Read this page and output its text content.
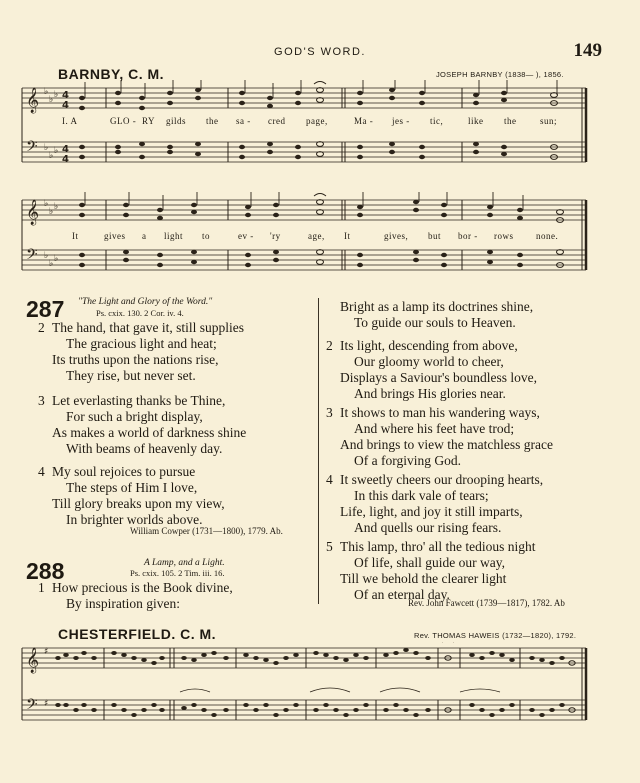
GOD'S WORD.	149
BARNBY, C. M.	JOSEPH BARNBY (1838— ), 1856.
𝄞
𝄢
♭
♭ ♭
♭
♭ ♭
4
4
4
4
I. A	GLO - RY gilds the sa - cred page,	Ma - jes - tic,	like the	sun;
𝄞
𝄢
♭
♭ ♭
♭
♭ ♭
It	gives a light to	ev - 'ry	age, It	gives, but bor - rows	none.
287 "The Light and Glory of the Word."
Ps. cxix. 130. 2 Cor. iv. 4.
2 The hand, that gave it, still supplies
The gracious light and heat;
Its truths upon the nations rise,
They rise, but never set.
3 Let everlasting thanks be Thine,
For such a bright display,
As makes a world of darkness shine
With beams of heavenly day.
4 My soul rejoices to pursue
The steps of Him I love,
Till glory breaks upon my view,
In brighter worlds above.
William Cowper (1731—1800), 1779. Ab.
288	A Lamp, and a Light.
Ps. cxix. 105. 2 Tim. iii. 16.
1 How precious is the Book divine,
By inspiration given:
Bright as a lamp its doctrines shine,
To guide our souls to Heaven.
2 Its light, descending from above,
Our gloomy world to cheer,
Displays a Saviour's boundless love,
And brings His glories near.
3 It shows to man his wandering ways,
And where his feet have trod;
And brings to view the matchless grace
Of a forgiving God.
4 It sweetly cheers our drooping hearts,
In this dark vale of tears;
Life, light, and joy it still imparts,
And quells our rising fears.
5 This lamp, thro' all the tedious night
Of life, shall guide our way,
Till we behold the clearer light
Of an eternal day.
Rev. John Fawcett (1739—1817), 1782. Ab
CHESTERFIELD. C. M.	Rev. THOMAS HAWEIS (1732—1820), 1792.
𝄞
𝄢
♯
♯
